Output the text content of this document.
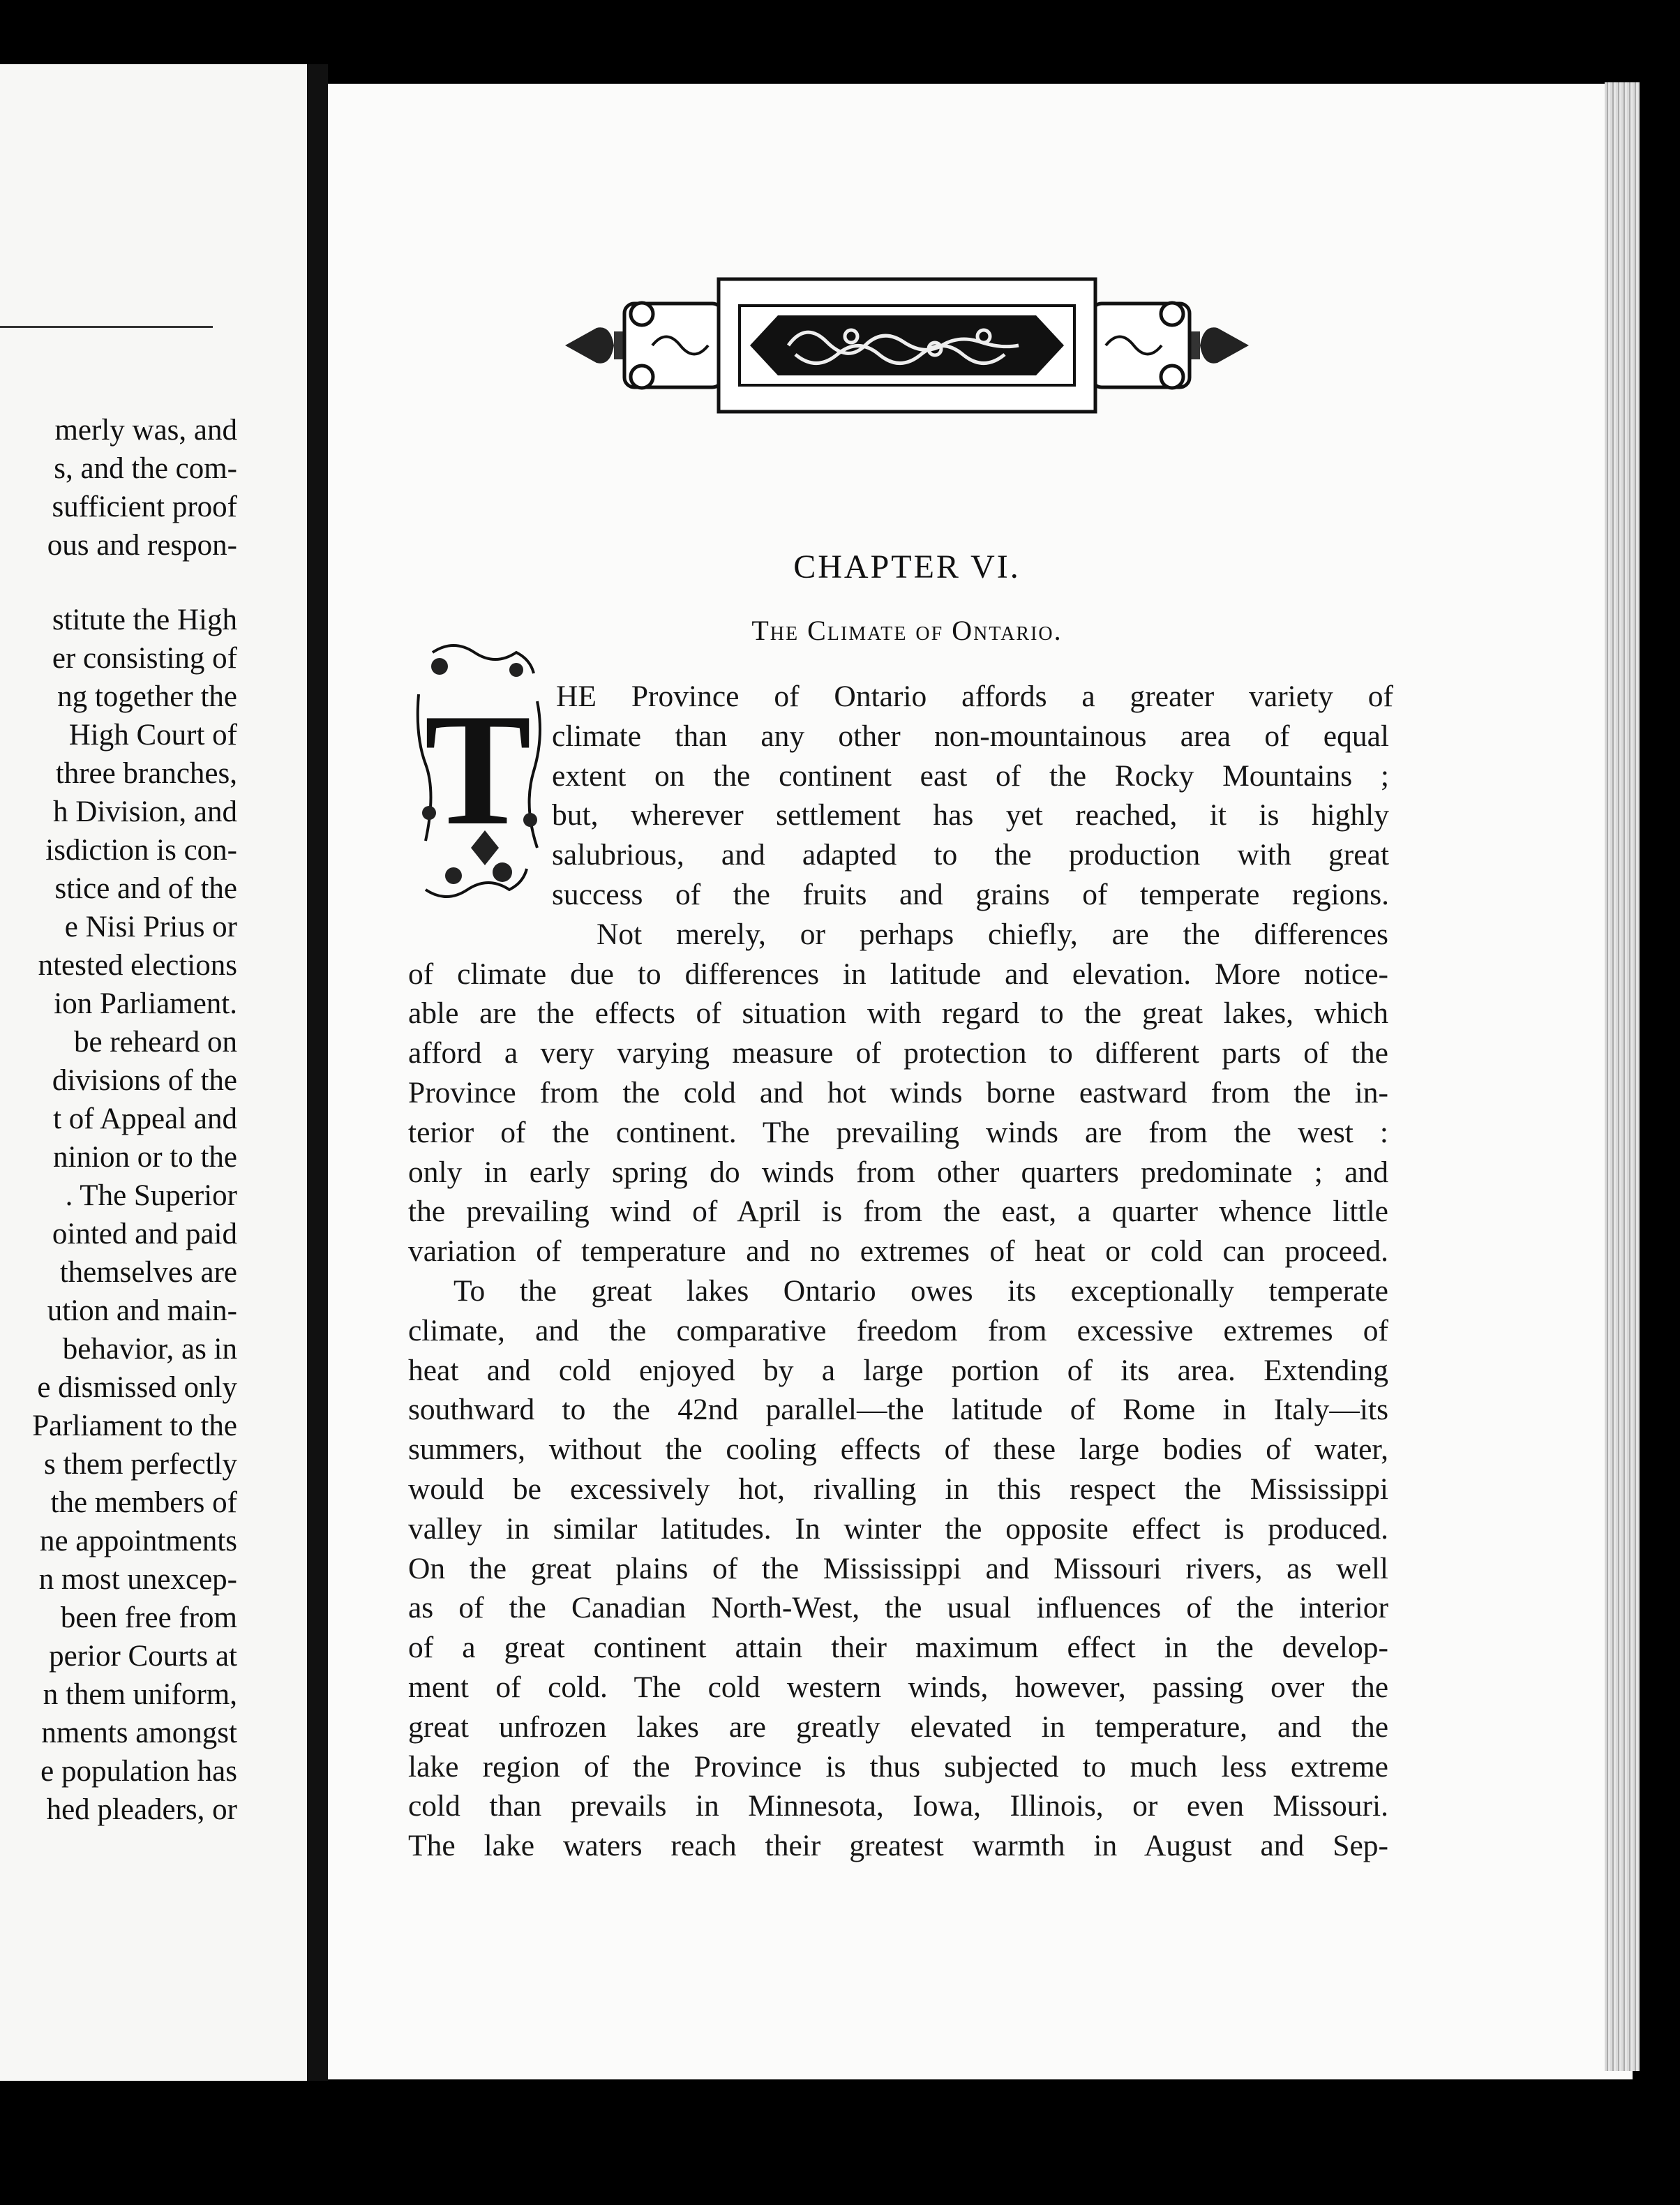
merly was, and
s, and the com-
sufficient proof
ous and respon-
stitute the High
er consisting of
ng together the
High Court of
three branches,
h Division, and
isdiction is con-
stice and of the
e Nisi Prius or
ntested elections
ion Parliament.
be reheard on
divisions of the
t of Appeal and
ninion or to the
. The Superior
ointed and paid
themselves are
ution and main-
behavior, as in
e dismissed only
Parliament to the
s them perfectly
the members of
ne appointments
n most unexcep-
been free from
perior Courts at
n them uniform,
nments amongst
e population has
hed pleaders, or
CHAPTER VI.
The Climate of Ontario.
T HE Province of Ontario affords a greater variety of
climate than any other non-mountainous area of equal
extent on the continent east of the Rocky Mountains ;
but, wherever settlement has yet reached, it is highly
salubrious, and adapted to the production with great
success of the fruits and grains of temperate regions.
Not merely, or perhaps chiefly, are the differences
of climate due to differences in latitude and elevation. More notice-
able are the effects of situation with regard to the great lakes, which
afford a very varying measure of protection to different parts of the
Province from the cold and hot winds borne eastward from the in-
terior of the continent. The prevailing winds are from the west :
only in early spring do winds from other quarters predominate ; and
the prevailing wind of April is from the east, a quarter whence little
variation of temperature and no extremes of heat or cold can proceed.
To the great lakes Ontario owes its exceptionally temperate
climate, and the comparative freedom from excessive extremes of
heat and cold enjoyed by a large portion of its area. Extending
southward to the 42nd parallel—the latitude of Rome in Italy—its
summers, without the cooling effects of these large bodies of water,
would be excessively hot, rivalling in this respect the Mississippi
valley in similar latitudes. In winter the opposite effect is produced.
On the great plains of the Mississippi and Missouri rivers, as well
as of the Canadian North-West, the usual influences of the interior
of a great continent attain their maximum effect in the develop-
ment of cold. The cold western winds, however, passing over the
great unfrozen lakes are greatly elevated in temperature, and the
lake region of the Province is thus subjected to much less extreme
cold than prevails in Minnesota, Iowa, Illinois, or even Missouri.
The lake waters reach their greatest warmth in August and Sep-
